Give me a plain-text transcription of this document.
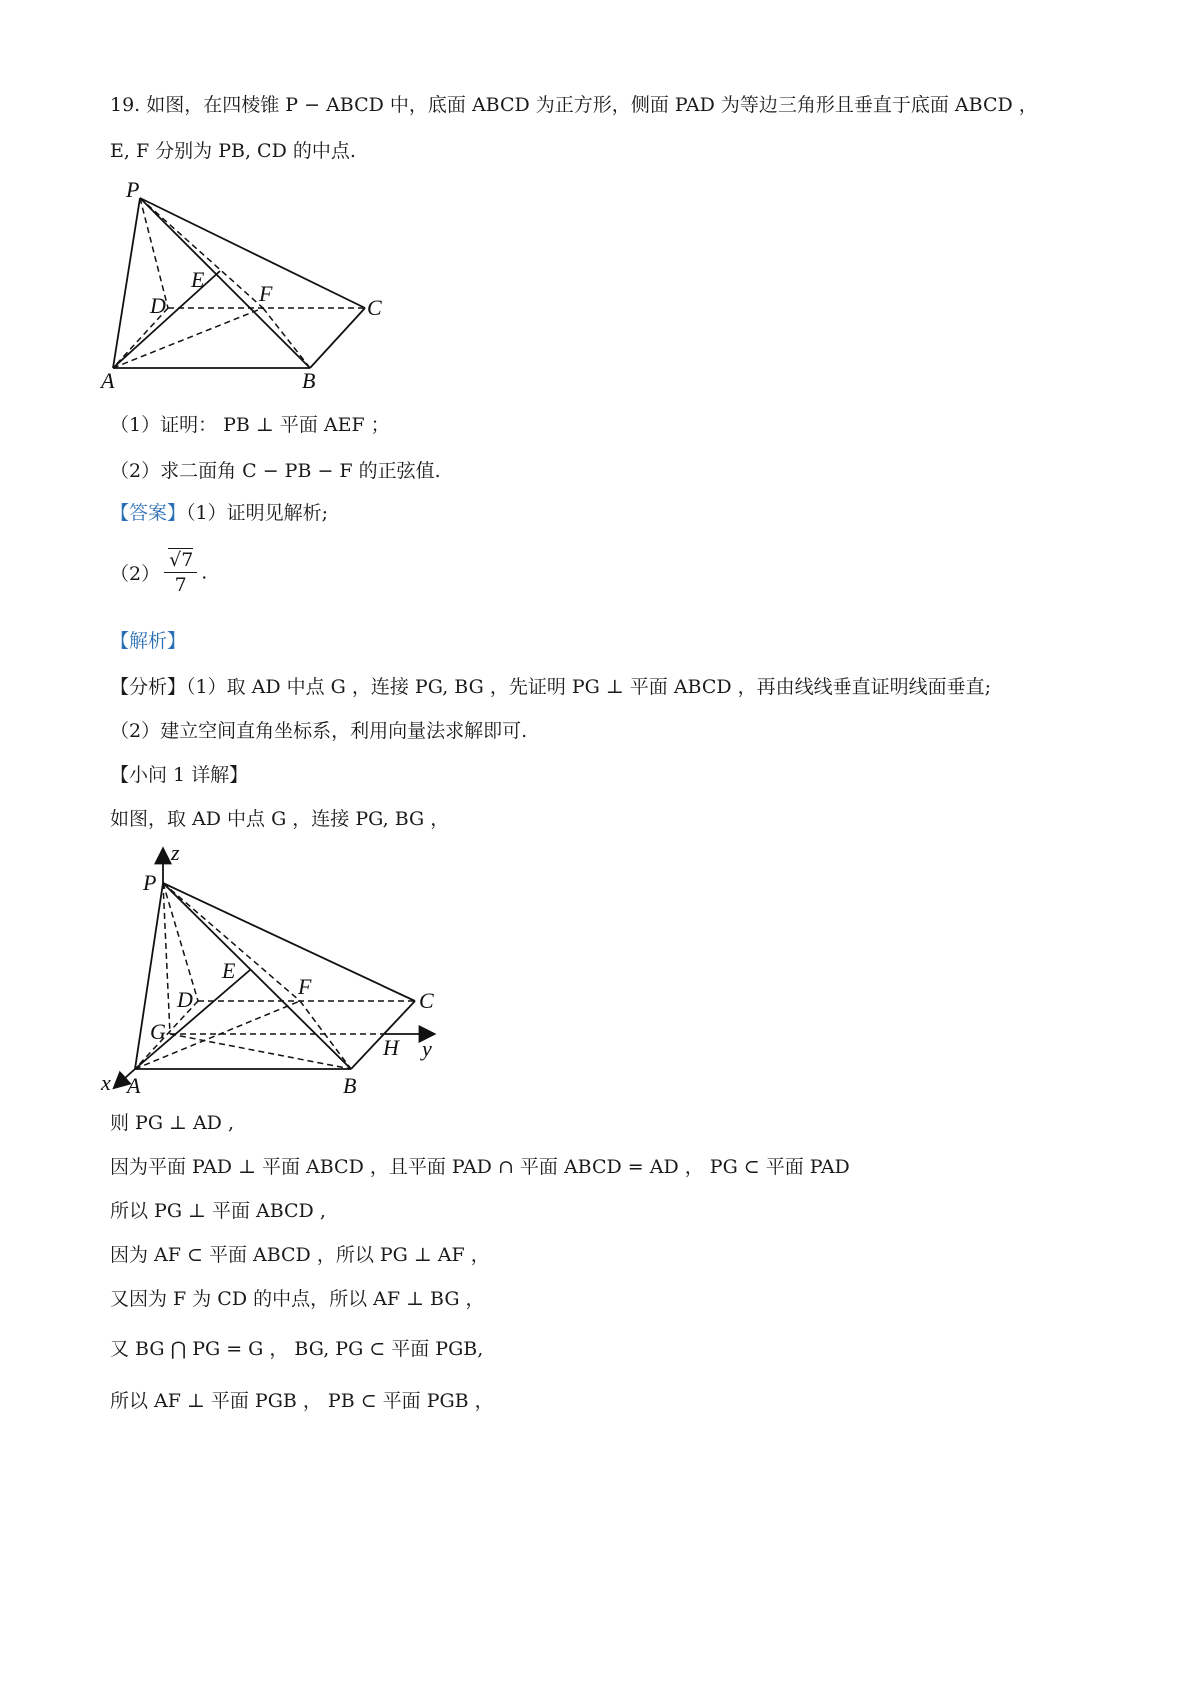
19. 如图，在四棱锥 P − ABCD 中，底面 ABCD 为正方形，侧面 PAD 为等边三角形且垂直于底面 ABCD ，
E, F 分别为 PB, CD 的中点.
P
E
D	F
C
A	B
（1）证明： PB ⊥ 平面 AEF ；
（2）求二面角 C − PB − F 的正弦值.
【答案】（1）证明见解析;
$(2) \frac{√7}{7}$ .
【解析】
【分析】（1）取 AD 中点 G ，连接 PG, BG ，先证明 PG ⊥ 平面 ABCD ，再由线线垂直证明线面垂直;
（2）建立空间直角坐标系，利用向量法求解即可.
【小问 1 详解】
如图，取 AD 中点 G ，连接 PG, BG ，
z
P
E
D
F
C
G
H y
x A	B
则 PG ⊥ AD ,
因为平面 PAD ⊥ 平面 ABCD ，且平面 PAD ∩ 平面 ABCD = AD ， PG ⊂ 平面 PAD
所以 PG ⊥ 平面 ABCD ,
因为 AF ⊂ 平面 ABCD ，所以 PG ⊥ AF ，
又因为 F 为 CD 的中点，所以 AF ⊥ BG ，
又 BG ⋂ PG = G ， BG, PG ⊂ 平面 PGB,
所以 AF ⊥ 平面 PGB ， PB ⊂ 平面 PGB ，
